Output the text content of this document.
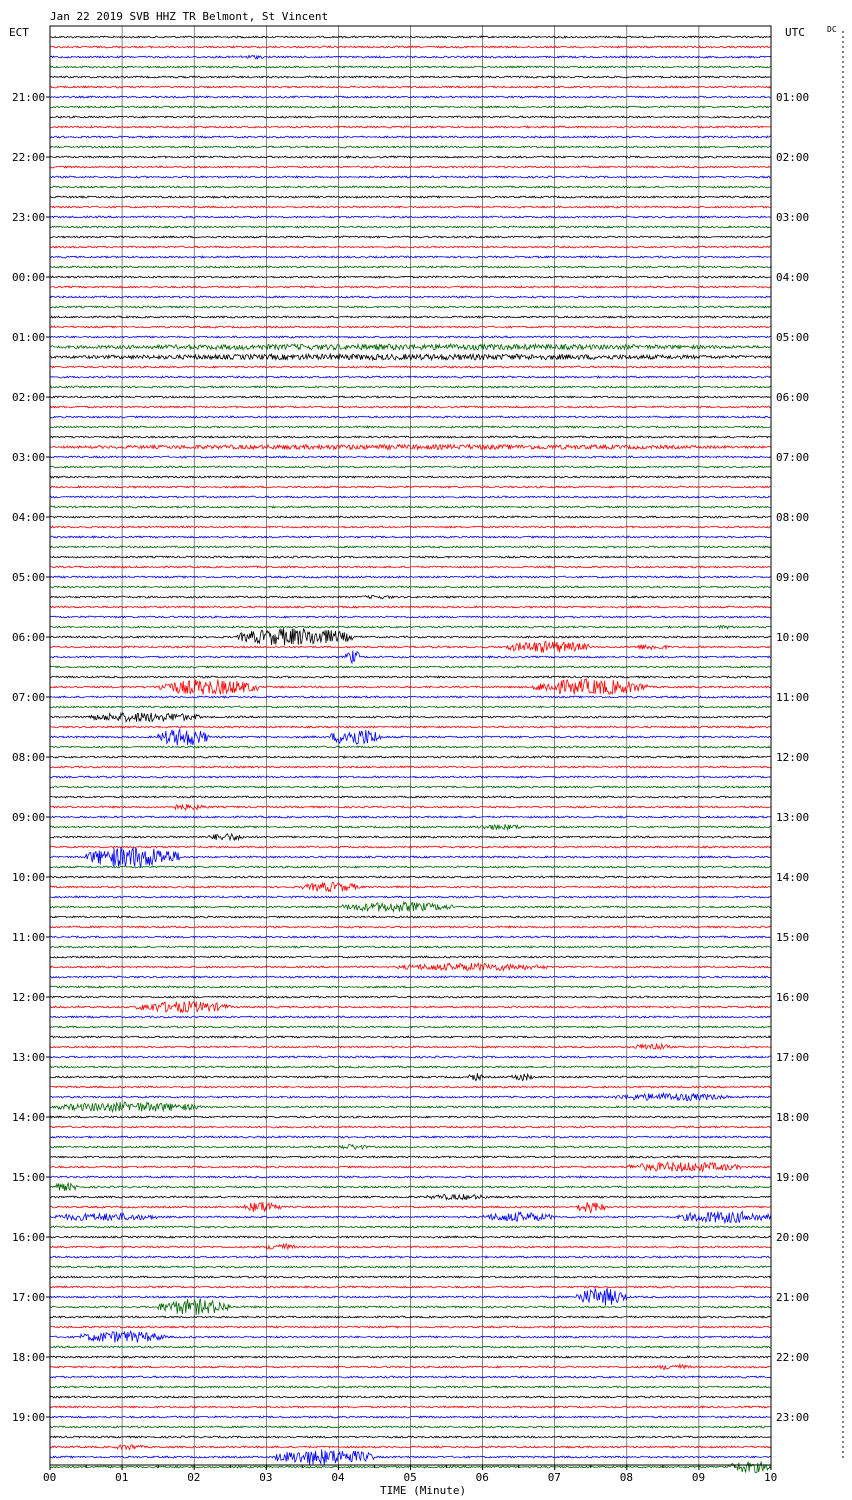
Jan 22 2019 SVB HHZ TR Belmont, St Vincent
ECT	UTC	DC
21:00
22:00
23:00
00:00
01:00
02:00
03:00
04:00
05:00
06:00
07:00
08:00
09:00
10:00
11:00
12:00
13:00
14:00
15:00
16:00
17:00
18:00
19:00
01:00
02:00
03:00
04:00
05:00
06:00
07:00
08:00
09:00
10:00
11:00
12:00
13:00
14:00
15:00
16:00
17:00
18:00
19:00
20:00
21:00
22:00
23:00
00	01	02	03	04	05	06	07	08	09	10
TIME (Minute)
